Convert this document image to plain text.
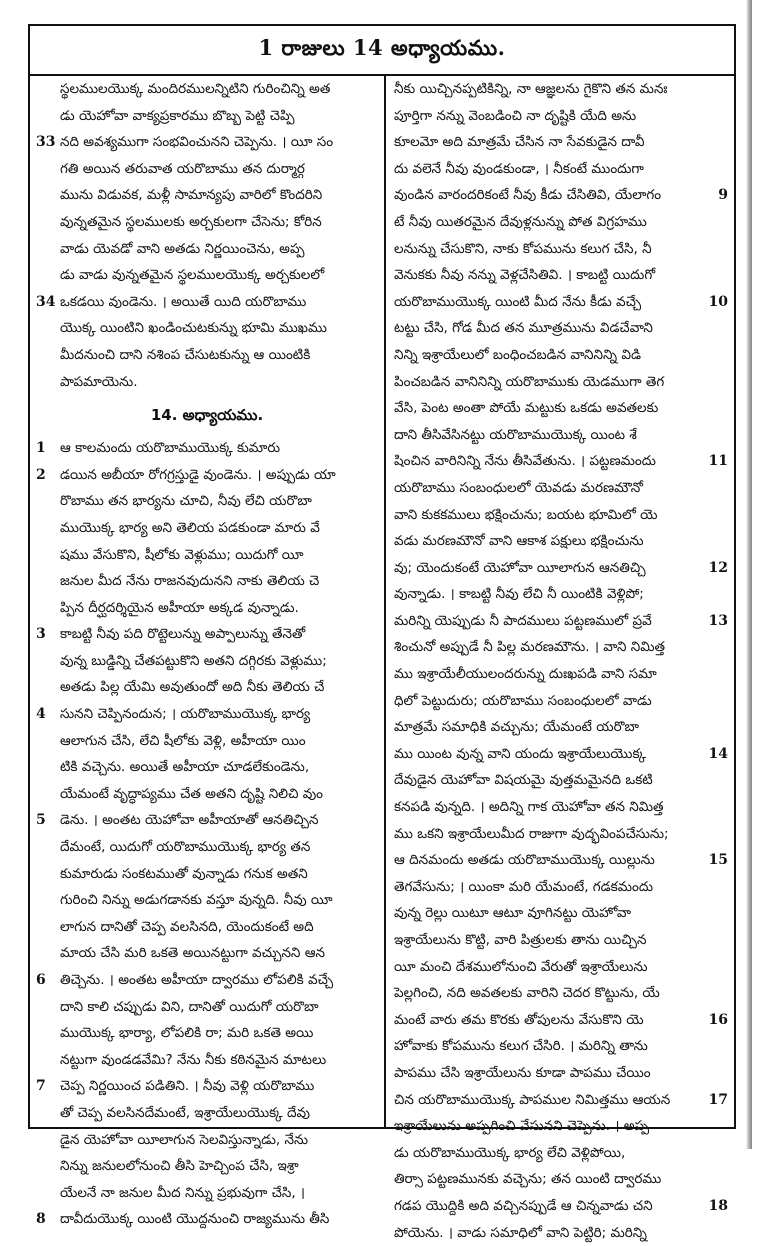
1 రాజులు 14 అధ్యాయము.
స్థలములయొక్క మందిరములన్నిటిని గురించిన్ని అత
డు యెహోవా వాక్యప్రకారము బొబ్బ పెట్టి చెప్పి
33 నది అవశ్యముగా సంభవించునని చెప్పెను. । యీ సం
గతి అయిన తరువాత యరొబాము తన దుర్మార్గ
మును విడువక, మళ్లీ సామాన్యపు వారిలో కొందరిని
వున్నతమైన స్థలములకు అర్చకులగా చేసెను; కోరిన
వాడు యెవడో వాని అతడు నిర్ణయించెను, అప్ప
డు వాడు వున్నతమైన స్థలములయొక్క అర్చకులలో
34 ఒకడయి వుండెను. । అయితే యిది యరొబాము
యొక్క యింటిని ఖండించుటకున్ను భూమి ముఖము
మీదనుంచి దాని నశింప చేసుటకున్ను ఆ యింటికి
పాపమాయెను.
14. అధ్యాయము.
1	ఆ కాలమందు యరొబాముయొక్క కుమారు
2	డయిన అబీయా రోగగ్రస్తుడై వుండెను. । అప్పుడు యా
రొబాము తన భార్యను చూచి, నీవు లేచి యరొబా
ముయొక్క భార్య అని తెలియ పడకుండా మారు వే
షము వేసుకొని, షీలోకు వెళ్లుము; యిదుగో యీ
జనుల మీద నేను రాజనవుదునని నాకు తెలియ చె
ప్పిన దీర్ఘదర్శియైన అహీయా అక్కడ వున్నాడు.
3	కాబట్టి నీవు పది రొట్టెలున్ను అప్పాలున్ను తేనెతో
వున్న బుడ్డిన్ని చేతపట్టుకొని అతని దగ్గిరకు వెళ్లుము;
అతడు పిల్ల యేమి అవుతుందో అది నీకు తెలియ చే
4	సునని చెప్పినందున; । యరొబాముయొక్క భార్య
ఆలాగున చేసి, లేచి షీలోకు వెళ్లి, అహీయా యిం
టికి వచ్చెను. అయితే అహీయా చూడలేకుండెను,
యేమంటే వృద్ధాప్యము చేత అతని దృష్టి నిలిచి వుం
5	డెను. । అంతట యెహోవా అహీయాతో ఆనతిచ్చిన
దేమంటే, యిదుగో యరొబాముయొక్క భార్య తన
కుమారుడు సంకటముతో వున్నాడు గనుక అతని
గురించి నిన్ను అడుగడానకు వస్తూ వున్నది. నీవు యీ
లాగున దానితో చెప్ప వలసినది, యెందుకంటే అది
మాయ చేసి మరి ఒకతె అయినట్టుగా వచ్చునని ఆన
6	తిచ్చెను. । అంతట అహీయా ద్వారము లోపలికి వచ్చే
దాని కాలి చప్పుడు విని, దానితో యిదుగో యరొబా
ముయొక్క భార్యా, లోపలికి రా; మరి ఒకతె అయి
నట్టుగా వుండడవేమి? నేను నీకు కఠినమైన మాటలు
7	చెప్ప నిర్ణయించ పడితిని. । నీవు వెళ్లి యరొబాము
తో చెప్ప వలసినదేమంటే, ఇశ్రాయేలుయొక్క దేవు
డైన యెహోవా యీలాగున సెలవిస్తున్నాడు, నేను
నిన్ను జనులలోనుంచి తీసి హెచ్చింప చేసి, ఇశ్రా
యేలనే నా జనుల మీద నిన్ను ప్రభువుగా చేసి, ।
8	దావీదుయొక్క యింటి యొద్దనుంచి రాజ్యమును తీసి
నీకు యిచ్చినప్పటికిన్ని, నా ఆజ్ఞలను గైకొని తన మనః
పూర్తిగా నన్ను వెంబడించి నా దృష్టికి యేది అను
కూలమో అది మాత్రమే చేసిన నా సేవకుడైన దావీ
దు వలెనే నీవు వుండకుండా, । నీకంటే ముందుగా
వుండిన వారందరికంటే నీవు కీడు చేసితివి, యేలాగం	9
టే నీవు యితరమైన దేవుళ్లనున్ను పోత విగ్రహము
లనున్ను చేసుకొని, నాకు కోపమును కలుగ చేసి, నీ
వెనుకకు నీవు నన్ను వెళ్లచేసితివి. । కాబట్టి యిదుగో
యరొబాముయొక్క యింటి మీద నేను కీడు వచ్చే	10
టట్టు చేసి, గోడ మీద తన మూత్రమును విడచేవాని
నిన్ని ఇశ్రాయేలులో బంధించబడిన వానినిన్ని విడి
పించబడిన వానినిన్ని యరొబాముకు యెడముగా తెగ
వేసి, పెంట అంతా పోయే మట్టుకు ఒకడు అవతలకు
దాని తీసివేసినట్టు యరొబాముయొక్క యింట శే
షించిన వారినిన్ని నేను తీసివేతును. । పట్టణమందు	11
యరొబాము సంబంధులలో యెవడు మరణమౌనో
వాని కుకకములు భక్షించును; బయట భూమిలో యె
వడు మరణమౌనో వాని ఆకాశ పక్షులు భక్షించును
వు; యెందుకంటే యెహోవా యీలాగున ఆనతిచ్చి	12
వున్నాడు. । కాబట్టి నీవు లేచి నీ యింటికి వెళ్లిపో;
మరిన్ని యెప్పుడు నీ పాదములు పట్టణములో ప్రవే	13
శించునో అప్పుడే నీ పిల్ల మరణమౌను. । వాని నిమిత్త
ము ఇశ్రాయేలీయులందరున్ను దుఃఖపడి వాని సమా
ధిలో పెట్టుదురు; యరొబాము సంబంధులలో వాడు
మాత్రమే సమాధికి వచ్చును; యేమంటే యరొబా
ము యింట వున్న వాని యందు ఇశ్రాయేలుయొక్క	14
దేవుడైన యెహోవా విషయమై వుత్తమమైనది ఒకటి
కనపడి వున్నది. । అదిన్ని గాక యెహోవా తన నిమిత్త
ము ఒకని ఇశ్రాయేలుమీద రాజుగా వుద్భవింపచేసును;
ఆ దినమందు అతడు యరొబాముయొక్క యిల్లును	15
తెగవేసును; । యింకా మరి యేమంటే, గడకమందు
వున్న రెల్లు యిటూ ఆటూ వూగినట్టు యెహోవా
ఇశ్రాయేలును కొట్టి, వారి పిత్రులకు తాను యిచ్చిన
యీ మంచి దేశములోనుంచి వేరుతో ఇశ్రాయేలును
పెల్లగించి, నది అవతలకు వారిని చెదర కొట్టును, యే
మంటే వారు తమ కొరకు తోపులను వేసుకొని యె	16
హోవాకు కోపమును కలుగ చేసిరి. । మరిన్ని తాను
పాపము చేసి ఇశ్రాయేలును కూడా పాపము చేయిం
చిన యరొబాముయొక్క పాపముల నిమిత్తము ఆయన	17
ఇశ్రాయేలును అప్పగించి వేసునని చెప్పెను. । అప్ప
డు యరొబాముయొక్క భార్య లేచి వెళ్లిపోయి,
తిర్సా పట్టణమునకు వచ్చెను; తన యింటి ద్వారము
గడప యొద్దికి అది వచ్చినప్పుడే ఆ చిన్నవాడు చని	18
పోయెను. । వాడు సమాధిలో వాని పెట్టిరి; మరిన్ని
